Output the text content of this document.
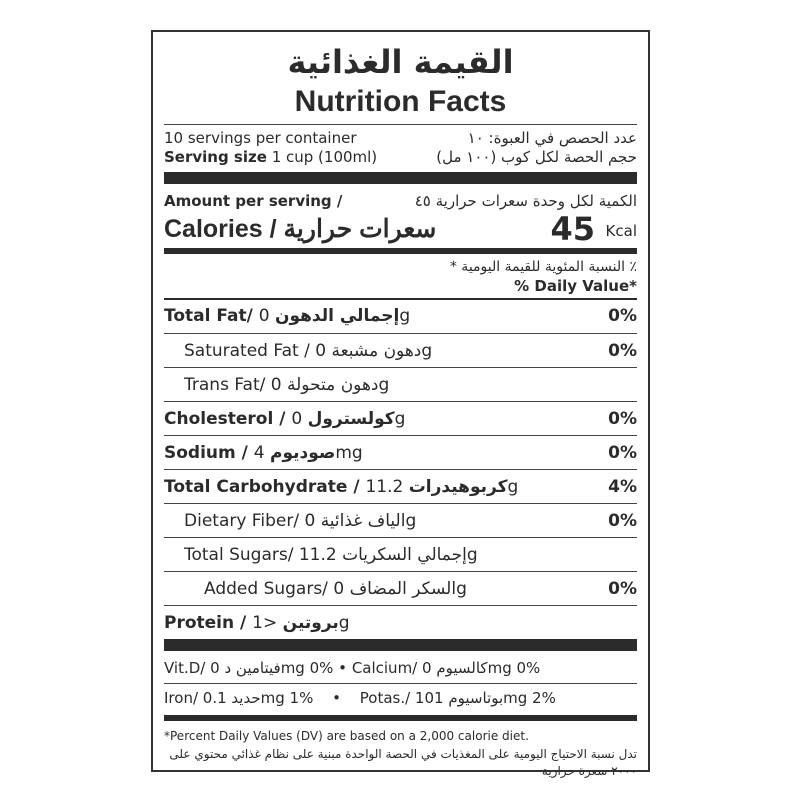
القيمة الغذائية
Nutrition Facts
10 servings per container	عدد الحصص في العبوة: ١٠
Serving size 1 cup (100ml)	حجم الحصة لكل كوب (١٠٠ مل)
Amount per serving /	الكمية لكل وحدة سعرات حرارية ٤٥
Calories / سعرات حرارية	45 Kcal
٪ النسبة المئوية للقيمة اليومية *
% Daily Value*
Total Fat/ إجمالي الدهون 0g	0%
Saturated Fat / دهون مشبعة 0g	0%
Trans Fat/ دهون متحولة 0g
Cholesterol / كولسترول 0g	0%
Sodium / صوديوم 4mg	0%
Total Carbohydrate / كربوهيدرات 11.2g	4%
Dietary Fiber/ الياف غذائية 0g	0%
Total Sugars/ إجمالي السكريات 11.2g
Added Sugars/ السكر المضاف 0g	0%
Protein / بروتين <1g
Vit.D/ فيتامين د 0mg 0% • Calcium/ كالسيوم 0mg 0%
Iron/ حديد 0.1mg 1% • Potas./ بوتاسيوم 101mg 2%
*Percent Daily Values (DV) are based on a 2,000 calorie diet.
تدل نسبة الاحتياج اليومية على المغذيات في الحصة الواحدة مبنية على نظام غذائي محتوي على ٢٠٠٠ سعرة حرارية
